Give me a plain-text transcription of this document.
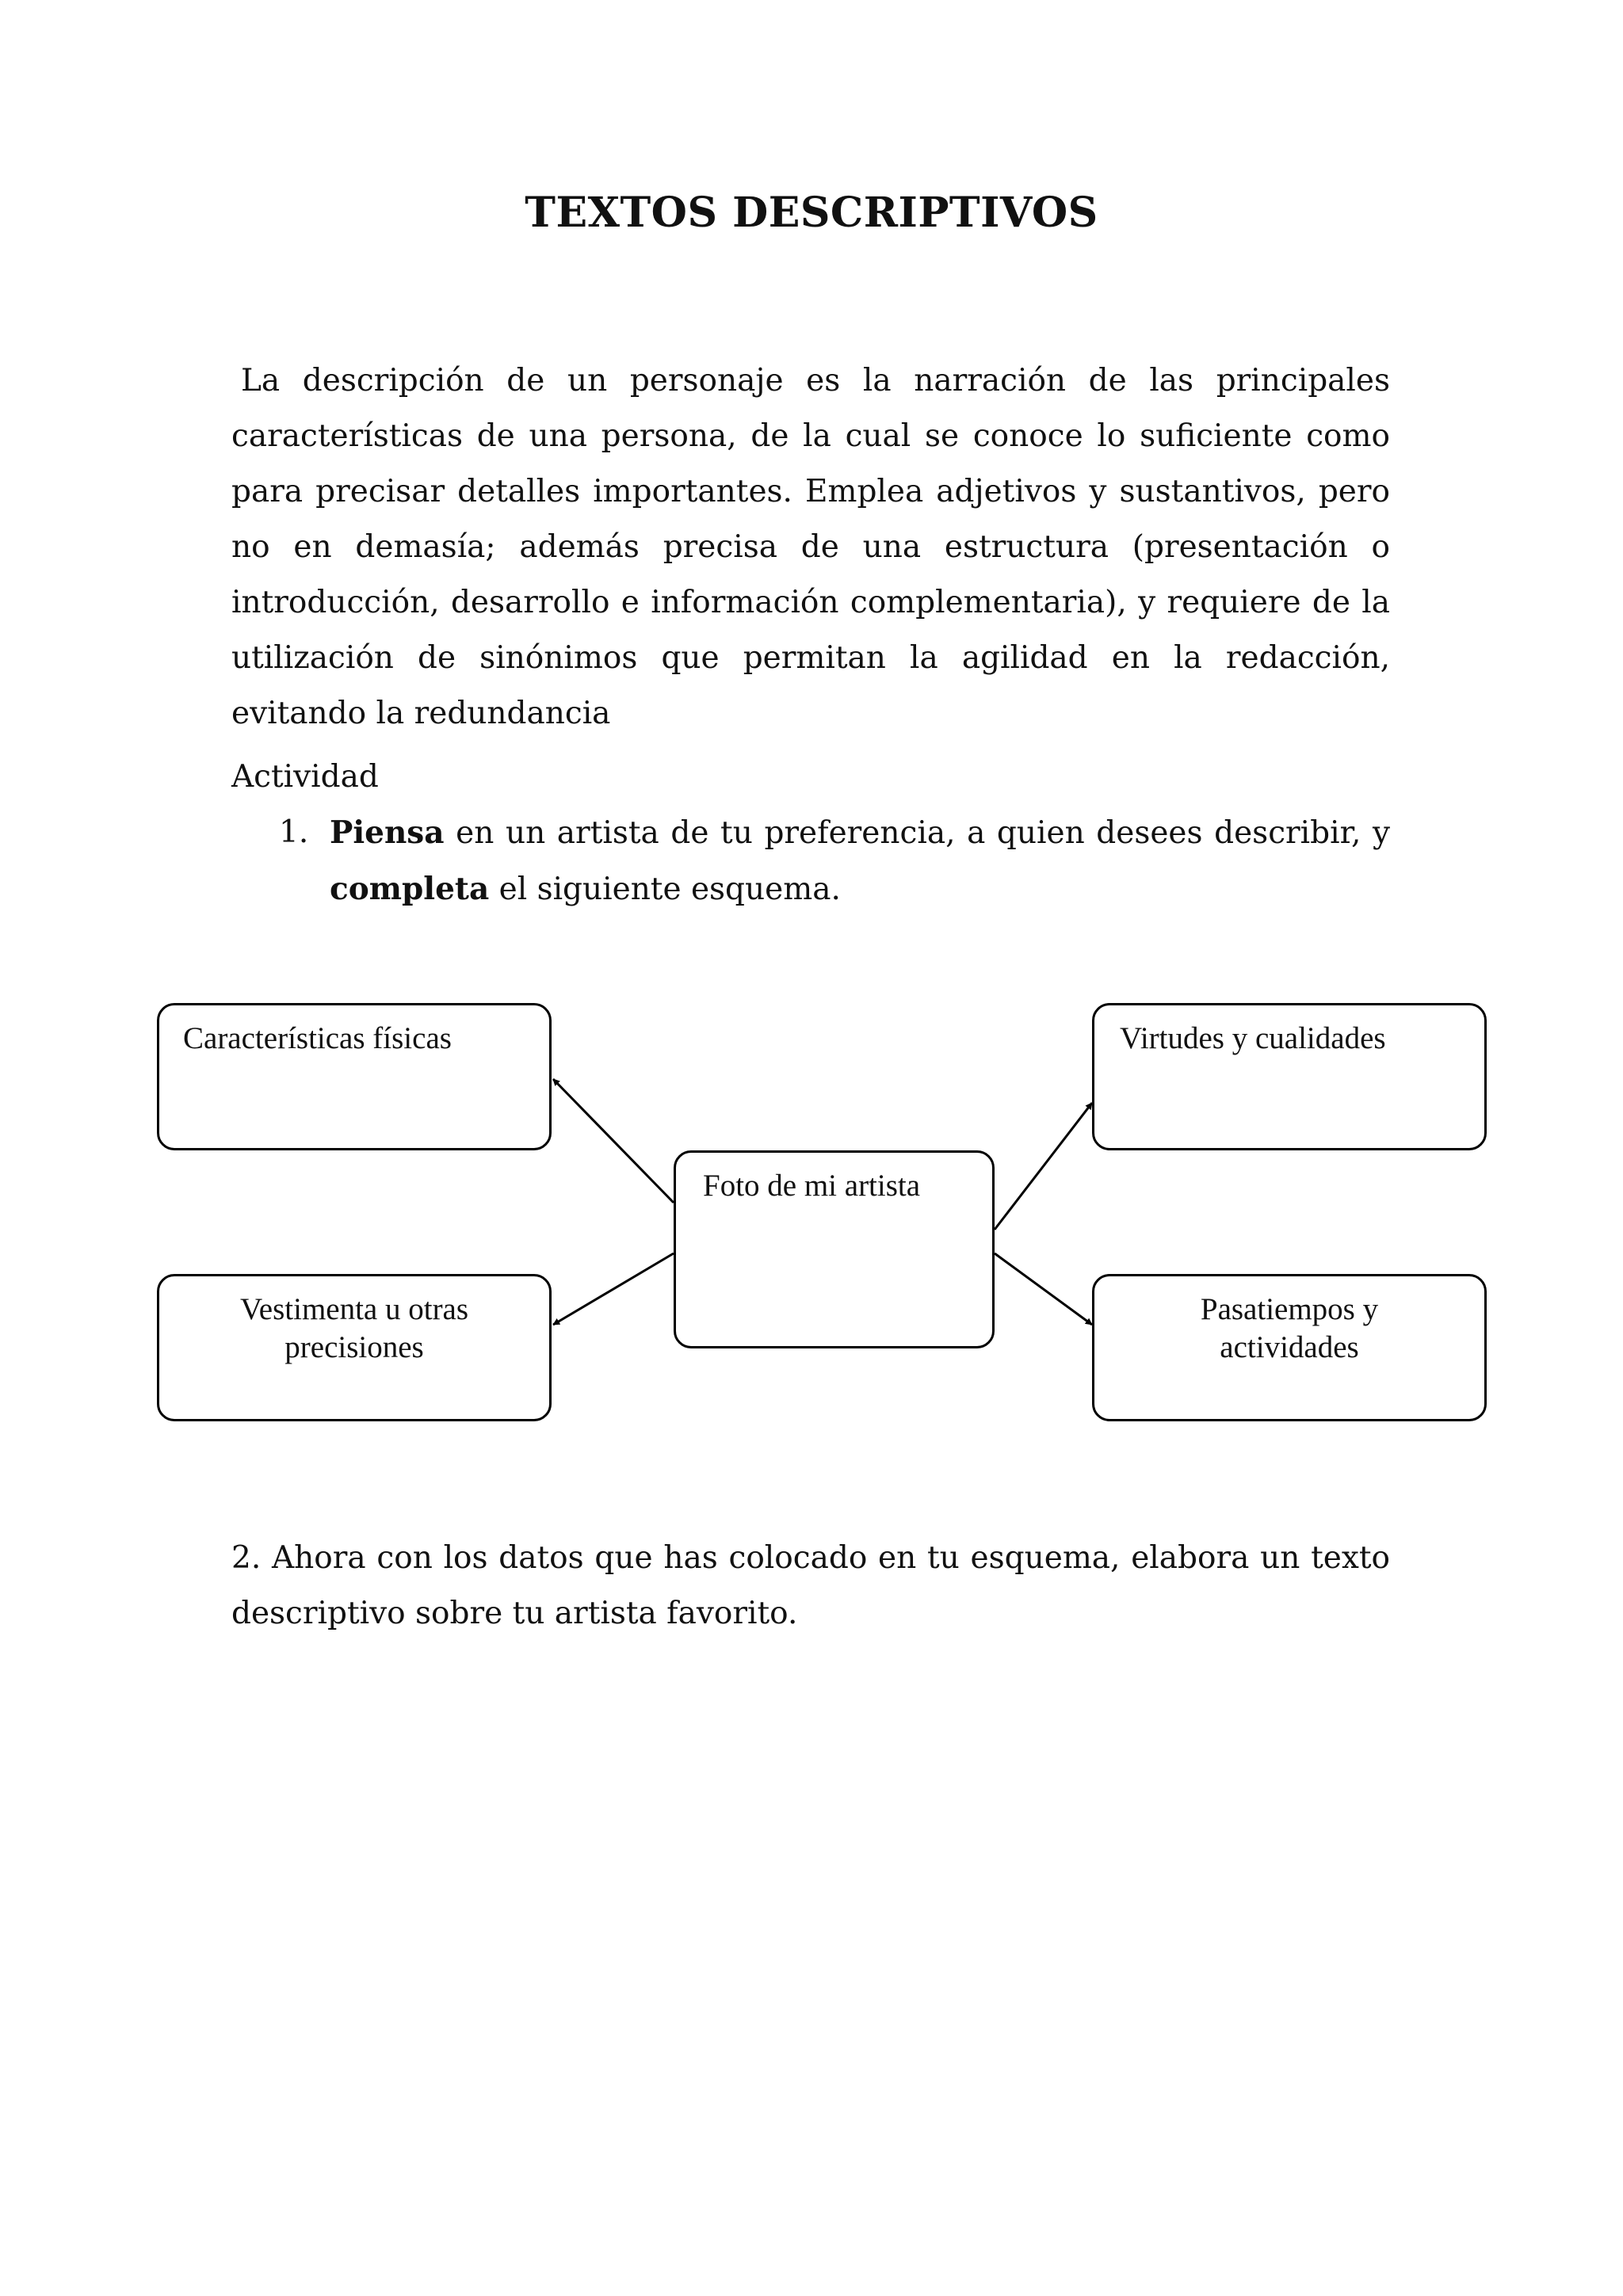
TEXTOS DESCRIPTIVOS

La descripción de un personaje es la narración de las principales características de una persona, de la cual se conoce lo suficiente como para precisar detalles importantes. Emplea adjetivos y sustantivos, pero no en demasía; además precisa de una estructura (presentación o introducción, desarrollo e información complementaria), y requiere de la utilización de sinónimos que permitan la agilidad en la redacción, evitando la redundancia

Actividad

1. Piensa en un artista de tu preferencia, a quien desees describir, y completa el siguiente esquema.
Características físicas	Virtudes y cualidades
Foto de mi artista
Vestimenta u otras
precisiones
Pasatiempos y
actividades

2. Ahora con los datos que has colocado en tu esquema, elabora un texto descriptivo sobre tu artista favorito.
